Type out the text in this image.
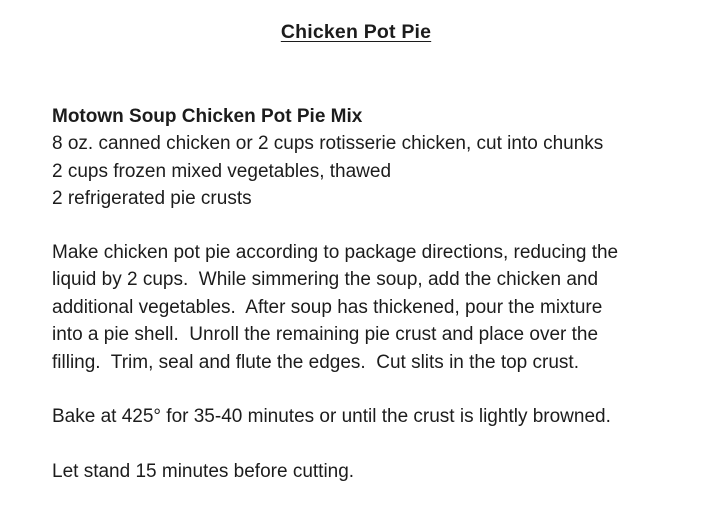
Chicken Pot Pie
Motown Soup Chicken Pot Pie Mix
8 oz. canned chicken or 2 cups rotisserie chicken, cut into chunks
2 cups frozen mixed vegetables, thawed
2 refrigerated pie crusts
Make chicken pot pie according to package directions, reducing the
liquid by 2 cups.  While simmering the soup, add the chicken and
additional vegetables.  After soup has thickened, pour the mixture
into a pie shell.  Unroll the remaining pie crust and place over the
filling.  Trim, seal and flute the edges.  Cut slits in the top crust.
Bake at 425° for 35-40 minutes or until the crust is lightly browned.
Let stand 15 minutes before cutting.
